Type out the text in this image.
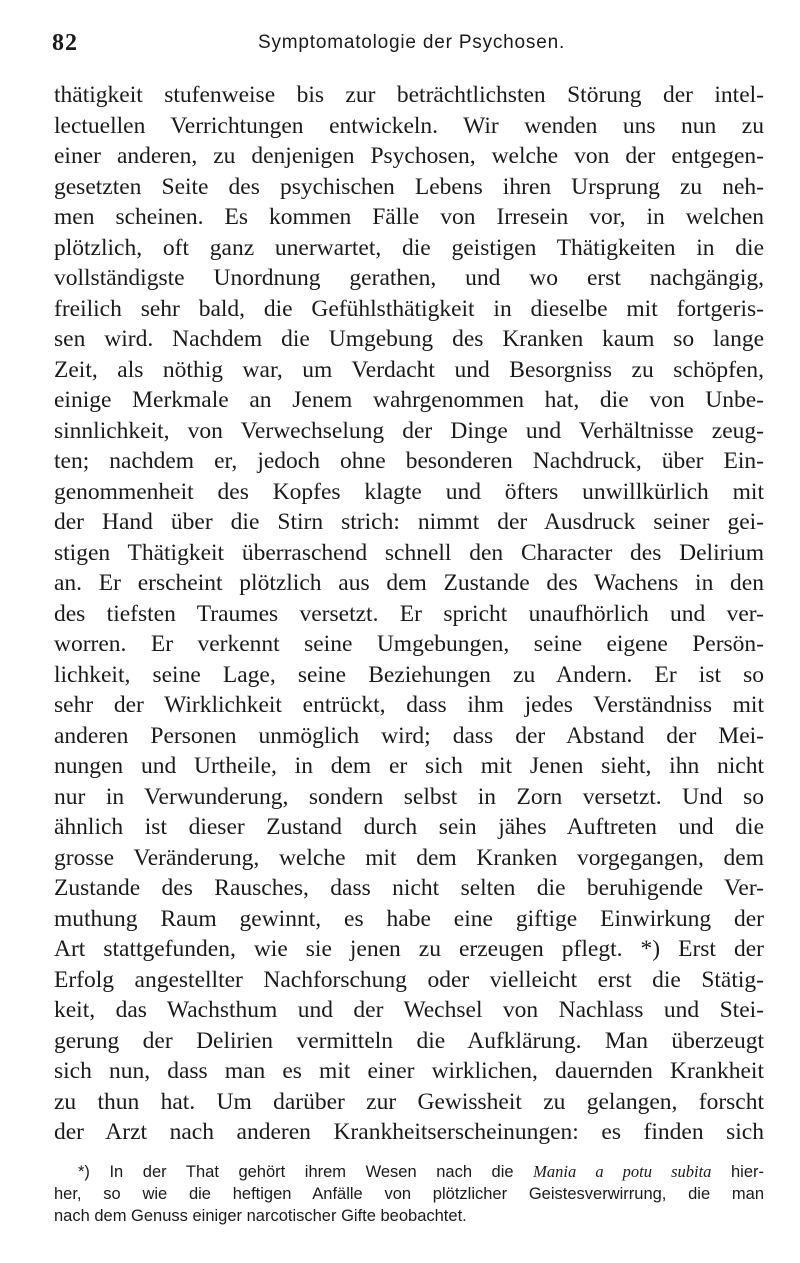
82	Symptomatologie der Psychosen.
thätigkeit stufenweise bis zur beträchtlichsten Störung der intel-
lectuellen Verrichtungen entwickeln. Wir wenden uns nun zu
einer anderen, zu denjenigen Psychosen, welche von der entgegen-
gesetzten Seite des psychischen Lebens ihren Ursprung zu neh-
men scheinen. Es kommen Fälle von Irresein vor, in welchen
plötzlich, oft ganz unerwartet, die geistigen Thätigkeiten in die
vollständigste Unordnung gerathen, und wo erst nachgängig,
freilich sehr bald, die Gefühlsthätigkeit in dieselbe mit fortgeris-
sen wird. Nachdem die Umgebung des Kranken kaum so lange
Zeit, als nöthig war, um Verdacht und Besorgniss zu schöpfen,
einige Merkmale an Jenem wahrgenommen hat, die von Unbe-
sinnlichkeit, von Verwechselung der Dinge und Verhältnisse zeug-
ten; nachdem er, jedoch ohne besonderen Nachdruck, über Ein-
genommenheit des Kopfes klagte und öfters unwillkürlich mit
der Hand über die Stirn strich: nimmt der Ausdruck seiner gei-
stigen Thätigkeit überraschend schnell den Character des Delirium
an. Er erscheint plötzlich aus dem Zustande des Wachens in den
des tiefsten Traumes versetzt. Er spricht unaufhörlich und ver-
worren. Er verkennt seine Umgebungen, seine eigene Persön-
lichkeit, seine Lage, seine Beziehungen zu Andern. Er ist so
sehr der Wirklichkeit entrückt, dass ihm jedes Verständniss mit
anderen Personen unmöglich wird; dass der Abstand der Mei-
nungen und Urtheile, in dem er sich mit Jenen sieht, ihn nicht
nur in Verwunderung, sondern selbst in Zorn versetzt. Und so
ähnlich ist dieser Zustand durch sein jähes Auftreten und die
grosse Veränderung, welche mit dem Kranken vorgegangen, dem
Zustande des Rausches, dass nicht selten die beruhigende Ver-
muthung Raum gewinnt, es habe eine giftige Einwirkung der
Art stattgefunden, wie sie jenen zu erzeugen pflegt. *) Erst der
Erfolg angestellter Nachforschung oder vielleicht erst die Stätig-
keit, das Wachsthum und der Wechsel von Nachlass und Stei-
gerung der Delirien vermitteln die Aufklärung. Man überzeugt
sich nun, dass man es mit einer wirklichen, dauernden Krankheit
zu thun hat. Um darüber zur Gewissheit zu gelangen, forscht
der Arzt nach anderen Krankheitserscheinungen: es finden sich
*) In der That gehört ihrem Wesen nach die Mania a potu subita hier-
her, so wie die heftigen Anfälle von plötzlicher Geistesverwirrung, die man
nach dem Genuss einiger narcotischer Gifte beobachtet.
